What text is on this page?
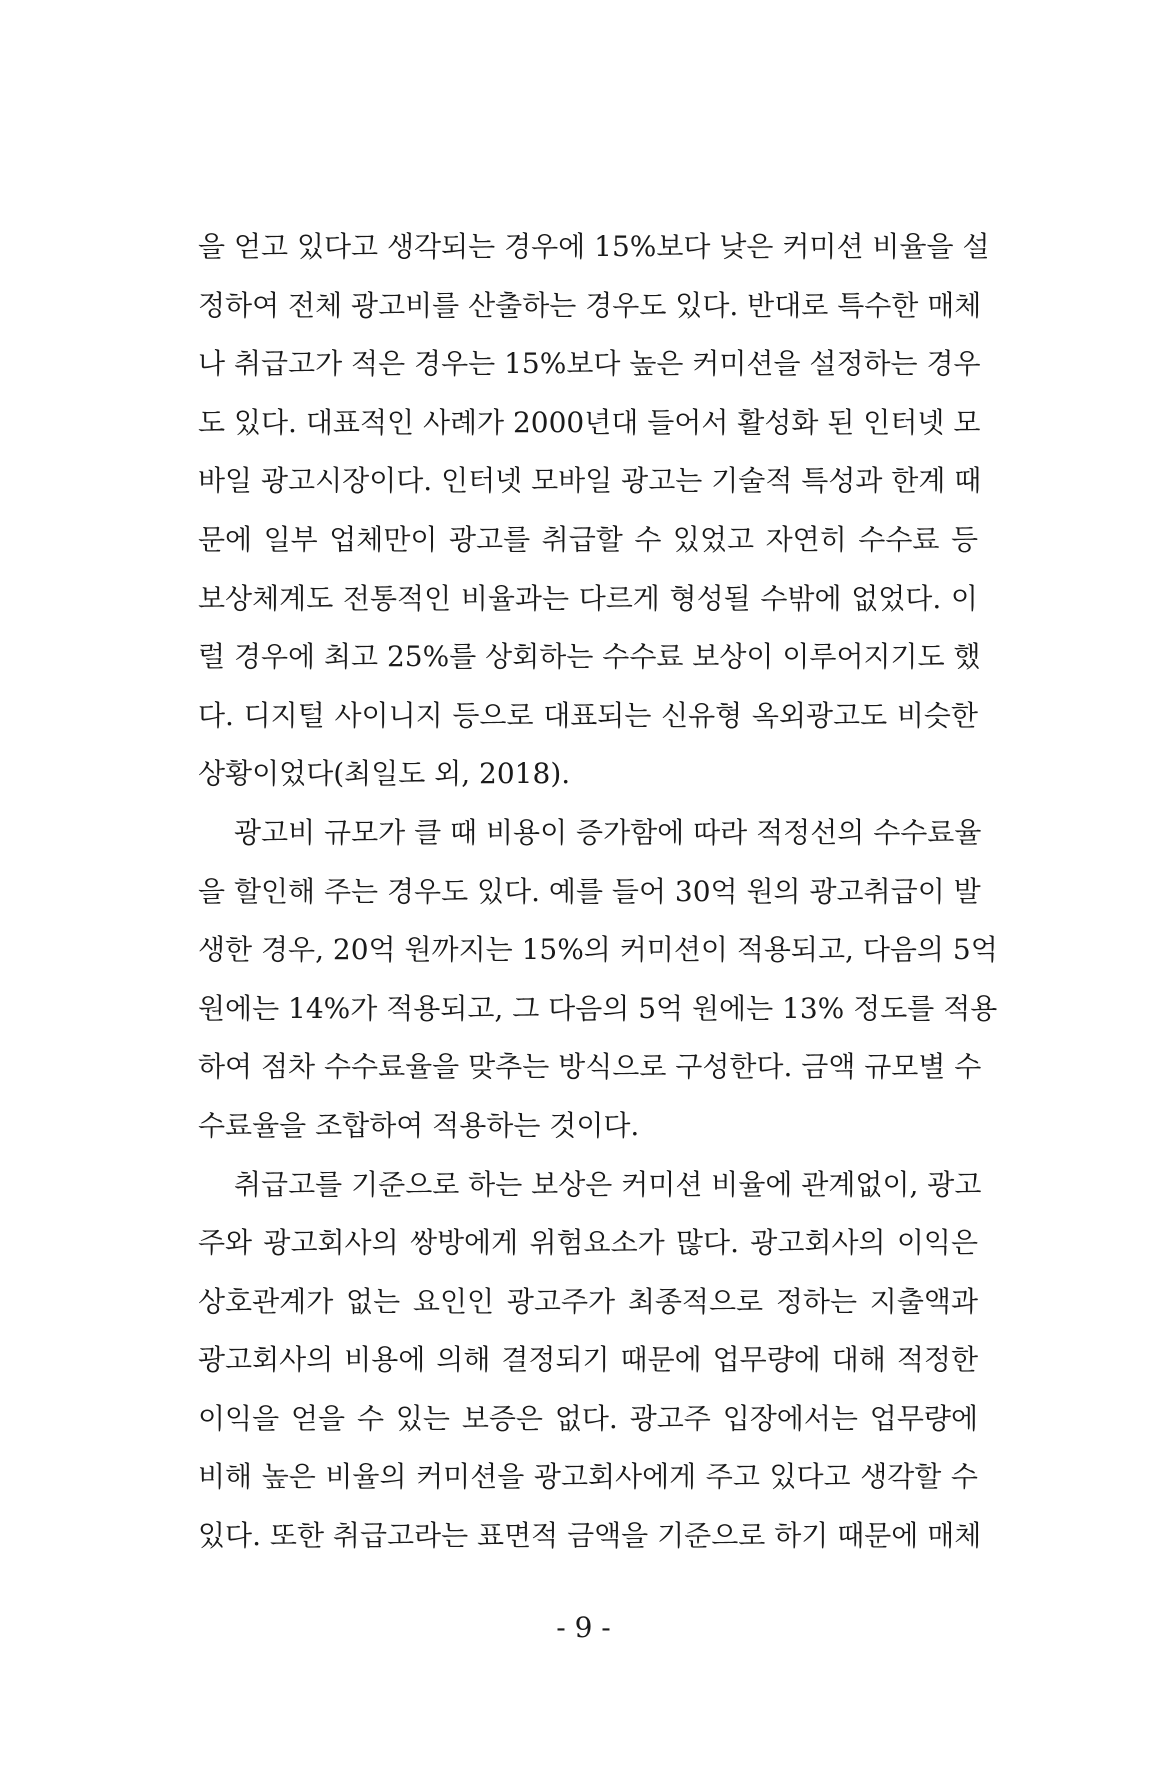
을 얻고 있다고 생각되는 경우에 15%보다 낮은 커미션 비율을 설
정하여 전체 광고비를 산출하는 경우도 있다. 반대로 특수한 매체
나 취급고가 적은 경우는 15%보다 높은 커미션을 설정하는 경우
도 있다. 대표적인 사례가 2000년대 들어서 활성화 된 인터넷 모
바일 광고시장이다. 인터넷 모바일 광고는 기술적 특성과 한계 때
문에 일부 업체만이 광고를 취급할 수 있었고 자연히 수수료 등
보상체계도 전통적인 비율과는 다르게 형성될 수밖에 없었다. 이
럴 경우에 최고 25%를 상회하는 수수료 보상이 이루어지기도 했
다. 디지털 사이니지 등으로 대표되는 신유형 옥외광고도 비슷한
상황이었다(최일도 외, 2018).
광고비 규모가 클 때 비용이 증가함에 따라 적정선의 수수료율
을 할인해 주는 경우도 있다. 예를 들어 30억 원의 광고취급이 발
생한 경우, 20억 원까지는 15%의 커미션이 적용되고, 다음의 5억
원에는 14%가 적용되고, 그 다음의 5억 원에는 13% 정도를 적용
하여 점차 수수료율을 맞추는 방식으로 구성한다. 금액 규모별 수
수료율을 조합하여 적용하는 것이다.
취급고를 기준으로 하는 보상은 커미션 비율에 관계없이, 광고
주와 광고회사의 쌍방에게 위험요소가 많다. 광고회사의 이익은
상호관계가 없는 요인인 광고주가 최종적으로 정하는 지출액과
광고회사의 비용에 의해 결정되기 때문에 업무량에 대해 적정한
이익을 얻을 수 있는 보증은 없다. 광고주 입장에서는 업무량에
비해 높은 비율의 커미션을 광고회사에게 주고 있다고 생각할 수
있다. 또한 취급고라는 표면적 금액을 기준으로 하기 때문에 매체
- 9 -
